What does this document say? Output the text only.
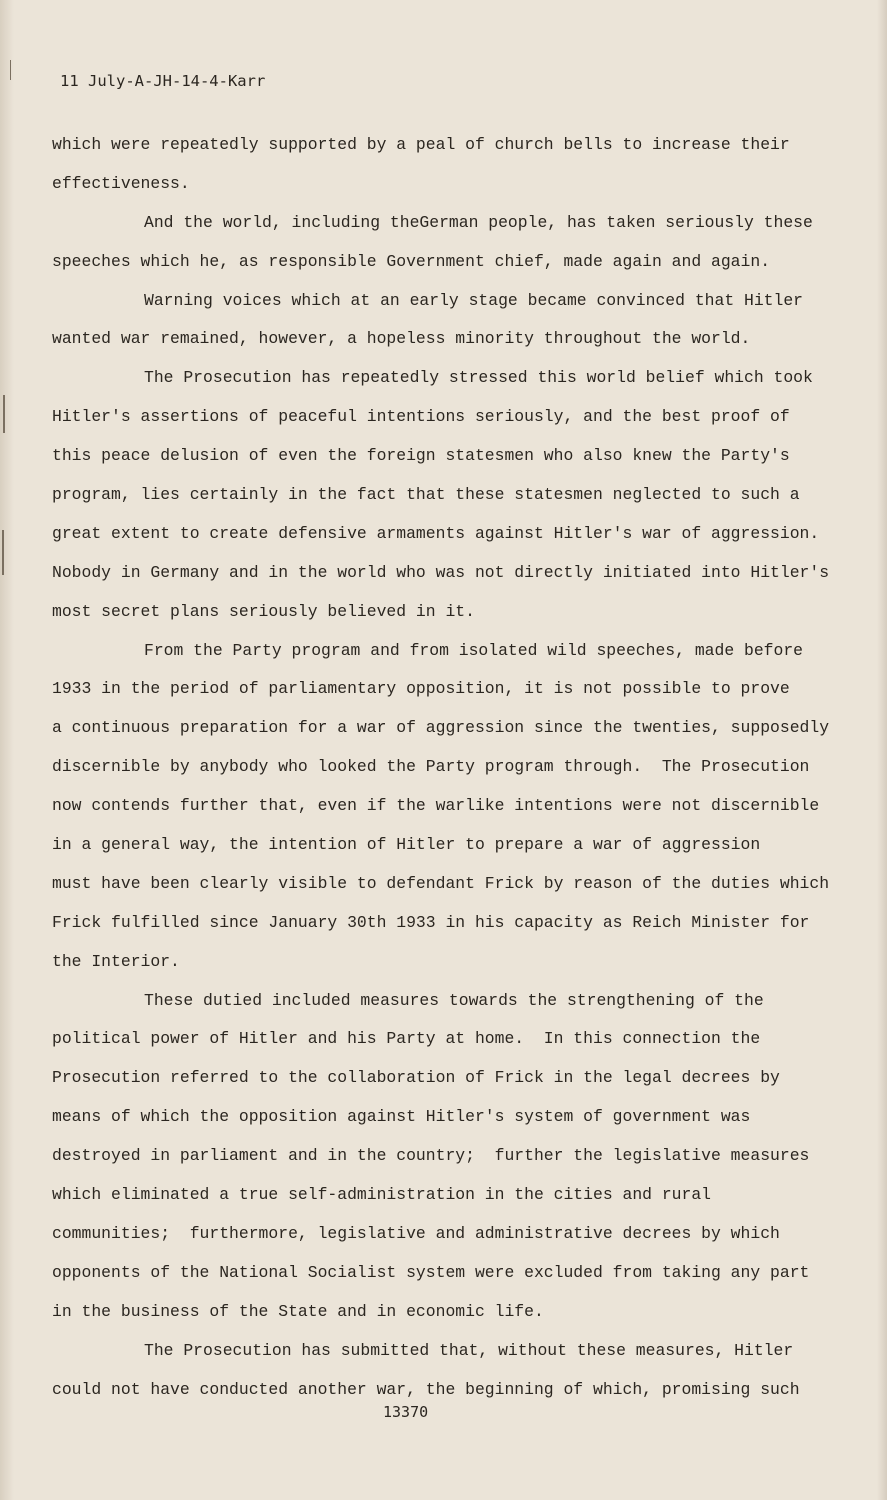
11 July-A-JH-14-4-Karr
which were repeatedly supported by a peal of church bells to increase their
effectiveness.
And the world, including theGerman people, has taken seriously these
speeches which he, as responsible Government chief, made again and again.
Warning voices which at an early stage became convinced that Hitler
wanted war remained, however, a hopeless minority throughout the world.
The Prosecution has repeatedly stressed this world belief which took
Hitler's assertions of peaceful intentions seriously, and the best proof of
this peace delusion of even the foreign statesmen who also knew the Party's
program, lies certainly in the fact that these statesmen neglected to such a
great extent to create defensive armaments against Hitler's war of aggression.
Nobody in Germany and in the world who was not directly initiated into Hitler's
most secret plans seriously believed in it.
From the Party program and from isolated wild speeches, made before
1933 in the period of parliamentary opposition, it is not possible to prove
a continuous preparation for a war of aggression since the twenties, supposedly
discernible by anybody who looked the Party program through.  The Prosecution
now contends further that, even if the warlike intentions were not discernible
in a general way, the intention of Hitler to prepare a war of aggression
must have been clearly visible to defendant Frick by reason of the duties which
Frick fulfilled since January 30th 1933 in his capacity as Reich Minister for
the Interior.
These dutied included measures towards the strengthening of the
political power of Hitler and his Party at home.  In this connection the
Prosecution referred to the collaboration of Frick in the legal decrees by
means of which the opposition against Hitler's system of government was
destroyed in parliament and in the country;  further the legislative measures
which eliminated a true self-administration in the cities and rural
communities;  furthermore, legislative and administrative decrees by which
opponents of the National Socialist system were excluded from taking any part
in the business of the State and in economic life.
The Prosecution has submitted that, without these measures, Hitler
could not have conducted another war, the beginning of which, promising such
13370
